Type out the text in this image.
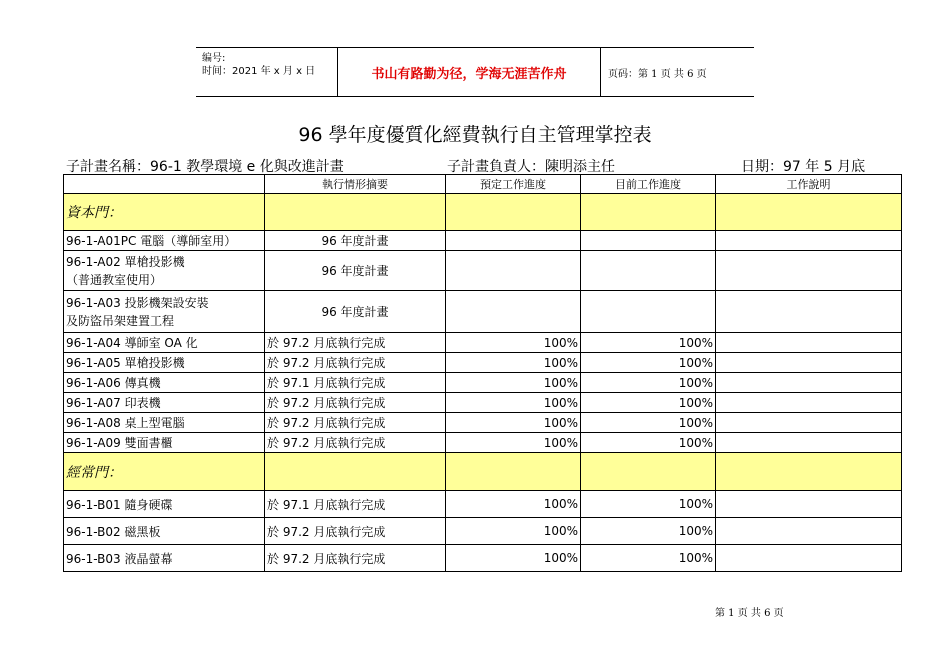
编号:
时间：2021 年 x 月 x 日	书山有路勤为径，学海无涯苦作舟	页码：第 1 页 共 6 页
96 學年度優質化經費執行自主管理掌控表
子計畫名稱：96-1 教學環境 e 化與改進計畫	子計畫負責人：陳明添主任	日期：97 年 5 月底
	執行情形摘要	預定工作進度	目前工作進度	工作說明
資本門：				
96-1-A01PC 電腦（導師室用）	96 年度計畫			

96-1-A02 單槍投影機
（普通教室使用）	96 年度計畫			

96-1-A03 投影機架設安裝
及防盜吊架建置工程	96 年度計畫			
96-1-A04 導師室 OA 化	於 97.2 月底執行完成	100%	100%	
96-1-A05 單槍投影機	於 97.2 月底執行完成	100%	100%	
96-1-A06 傳真機	於 97.1 月底執行完成	100%	100%	
96-1-A07 印表機	於 97.2 月底執行完成	100%	100%	
96-1-A08 桌上型電腦	於 97.2 月底執行完成	100%	100%	
96-1-A09 雙面書櫃	於 97.2 月底執行完成	100%	100%	
經常門：				
96-1-B01 隨身硬碟	於 97.1 月底執行完成	100%	100%	
96-1-B02 磁黑板	於 97.2 月底執行完成	100%	100%	
96-1-B03 液晶螢幕	於 97.2 月底執行完成	100%	100%	
第 1 页 共 6 页
